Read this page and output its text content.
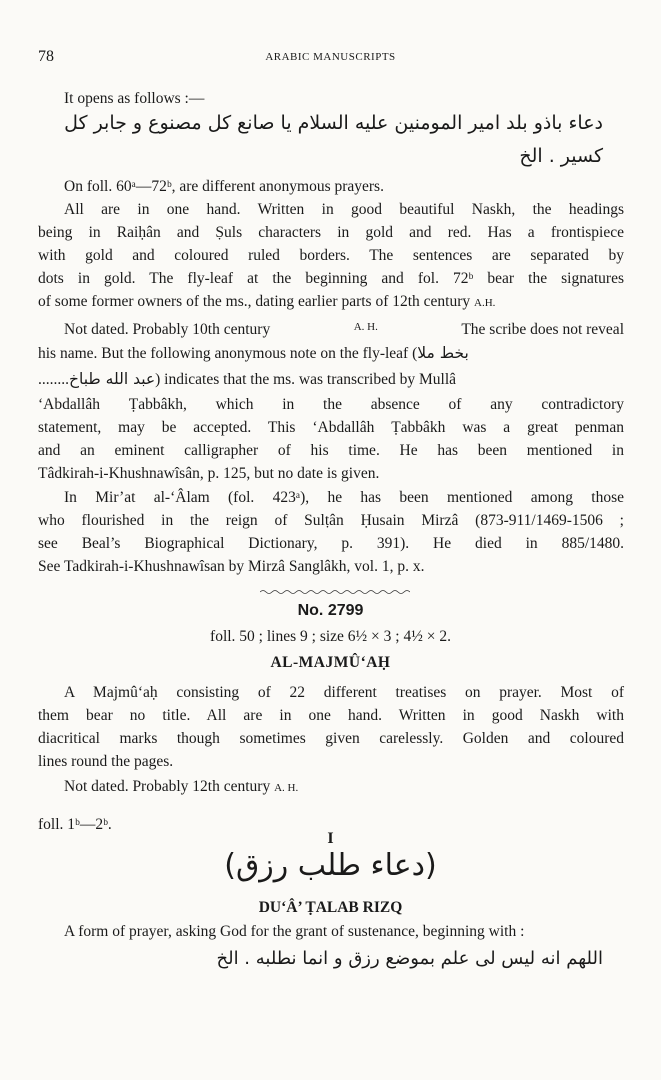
78	ARABIC MANUSCRIPTS
It opens as follows :—
دعاء باذو بلد امير المومنين عليه السلام يا صانع كل مصنوع و جابر كل
كسير . الخ
On foll. 60ᵃ—72ᵇ, are different anonymous prayers.
All are in one hand. Written in good beautiful Naskh, the headings
being in Raiḥân and Ṣuls characters in gold and red. Has a frontispiece
with gold and coloured ruled borders. The sentences are separated by
dots in gold. The fly-leaf at the beginning and fol. 72ᵇ bear the signatures
of some former owners of the ms., dating earlier parts of 12th century A.H.
Not dated. Probably 10th century	A. H.	The scribe does not reveal
his name. But the following anonymous note on the fly-leaf (بخط ملا
........عبد الله طباخ) indicates that the ms. was transcribed by Mullâ
‘Abdallâh Ṭabbâkh, which in the absence of any contradictory
statement, may be accepted. This ‘Abdallâh Ṭabbâkh was a great penman
and an eminent calligrapher of his time. He has been mentioned in
Tâdkirah-i-Khushnawîsân, p. 125, but no date is given.
In Mir’at al-‘Âlam (fol. 423ᵃ), he has been mentioned among those
who flourished in the reign of Sulṭân Ḥusain Mirzâ (873-911/1469-1506 ;
see Beal’s Biographical Dictionary, p. 391). He died in 885/1480.
See Tadkirah-i-Khushnawîsan by Mirzâ Sanglâkh, vol. 1, p. x.
No. 2799
foll. 50 ; lines 9 ; size 6½ × 3 ; 4½ × 2.
AL-MAJMÛ‘AḤ
A Majmû‘aḥ consisting of 22 different treatises on prayer. Most of
them bear no title. All are in one hand. Written in good Naskh with
diacritical marks though sometimes given carelessly. Golden and coloured
lines round the pages.
Not dated. Probably 12th century A. H.
foll. 1ᵇ—2ᵇ.
I
(دعاء طلب رزق)
DU‘Â’ ṬALAB RIZQ
A form of prayer, asking God for the grant of sustenance, beginning with :
اللهم انه ليس لى علم بموضع رزق و انما نطلبه . الخ
